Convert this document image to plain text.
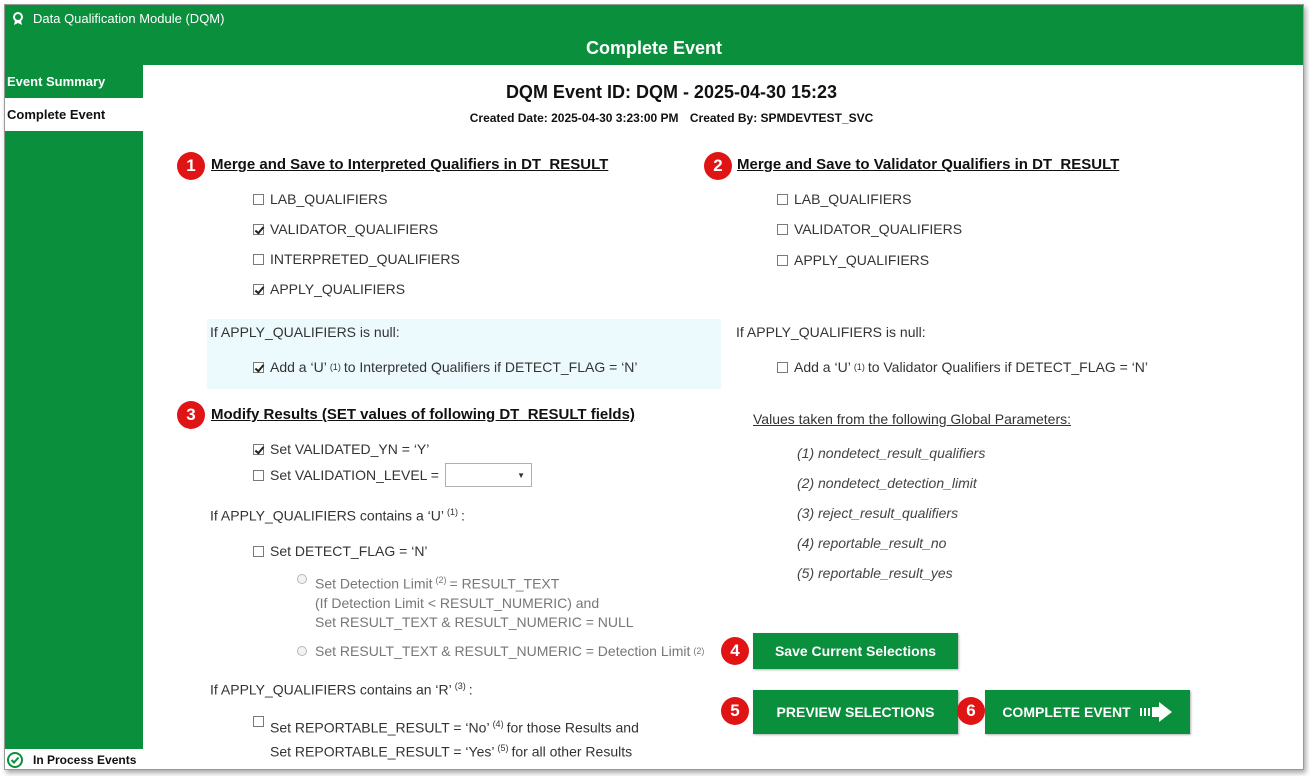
Data Qualification Module (DQM)
Complete Event
Event Summary
Complete Event
In Process Events
DQM Event ID: DQM - 2025-04-30 15:23
Created Date: 2025-04-30 3:23:00 PM Created By: SPMDEVTEST_SVC
1	Merge and Save to Interpreted Qualifiers in DT_RESULT
LAB_QUALIFIERS
VALIDATOR_QUALIFIERS
INTERPRETED_QUALIFIERS
APPLY_QUALIFIERS
If APPLY_QUALIFIERS is null:
Add a ‘U’ (1) to Interpreted Qualifiers if DETECT_FLAG = ‘N’
2 Merge and Save to Validator Qualifiers in DT_RESULT
LAB_QUALIFIERS
VALIDATOR_QUALIFIERS
APPLY_QUALIFIERS
If APPLY_QUALIFIERS is null:
Add a ‘U’ (1) to Validator Qualifiers if DETECT_FLAG = ‘N’
3	Modify Results (SET values of following DT_RESULT fields)
Set VALIDATED_YN = ‘Y’
Set VALIDATION_LEVEL =	▼
If APPLY_QUALIFIERS contains a ‘U’ $^{(1)}$ :
Set DETECT_FLAG = ‘N’
Set Detection Limit $^{(2)}$ = RESULT_TEXT
(If Detection Limit < RESULT_NUMERIC) and
Set RESULT_TEXT & RESULT_NUMERIC = NULL
Set RESULT_TEXT & RESULT_NUMERIC = Detection Limit (2)
If APPLY_QUALIFIERS contains an ‘R’ $^{(3)}$ :
Set REPORTABLE_RESULT = ‘No’ $^{(4)}$ for those Results and
Set REPORTABLE_RESULT = ‘Yes’ $^{(5)}$ for all other Results
Values taken from the following Global Parameters:
(1) nondetect_result_qualifiers
(2) nondetect_detection_limit
(3) reject_result_qualifiers
(4) reportable_result_no
(5) reportable_result_yes
4	Save Current Selections
5	PREVIEW SELECTIONS	6	COMPLETE EVENT
